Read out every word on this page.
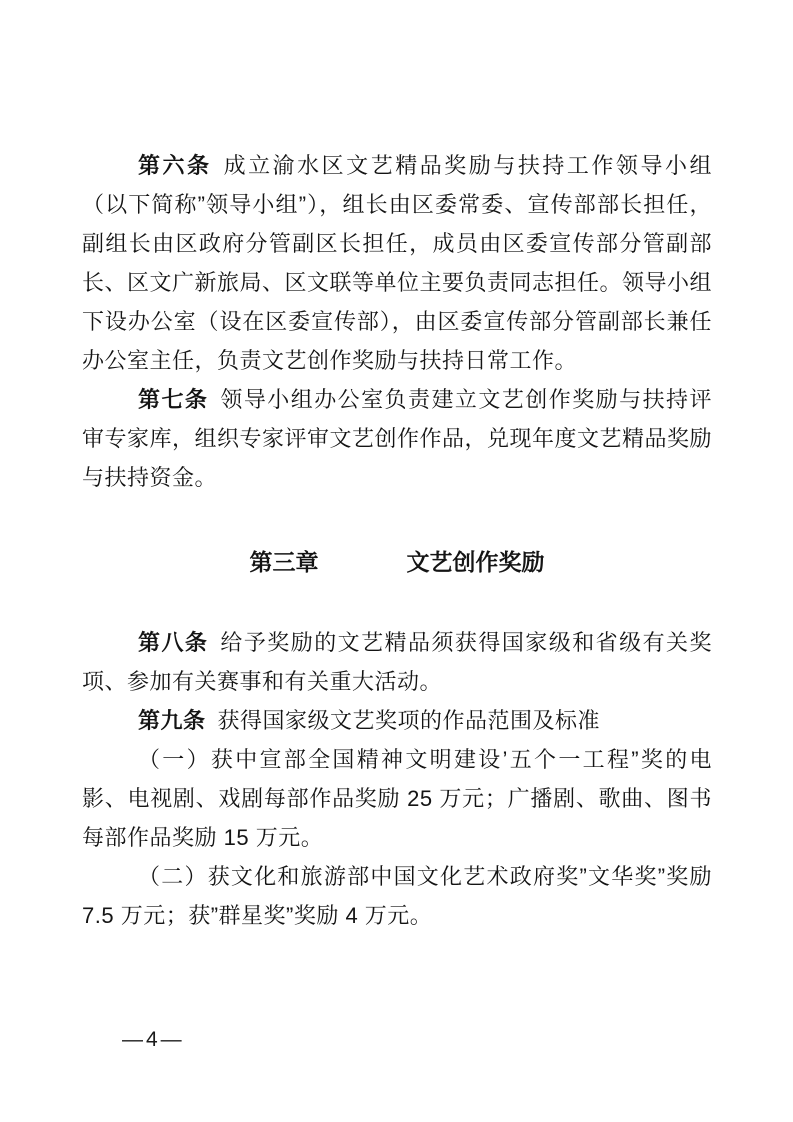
第六条 成立渝水区文艺精品奖励与扶持工作领导小组（以下简称”领导小组”），组长由区委常委、宣传部部长担任，副组长由区政府分管副区长担任，成员由区委宣传部分管副部长、区文广新旅局、区文联等单位主要负责同志担任。领导小组下设办公室（设在区委宣传部），由区委宣传部分管副部长兼任办公室主任，负责文艺创作奖励与扶持日常工作。

第七条 领导小组办公室负责建立文艺创作奖励与扶持评审专家库，组织专家评审文艺创作作品，兑现年度文艺精品奖励与扶持资金。

第三章	文艺创作奖励

第八条 给予奖励的文艺精品须获得国家级和省级有关奖项、参加有关赛事和有关重大活动。

第九条 获得国家级文艺奖项的作品范围及标准

（一）获中宣部全国精神文明建设’五个一工程”奖的电影、电视剧、戏剧每部作品奖励 25 万元；广播剧、歌曲、图书每部作品奖励 15 万元。

（二）获文化和旅游部中国文化艺术政府奖”文华奖”奖励 7.5 万元；获”群星奖”奖励 4 万元。

—4—
